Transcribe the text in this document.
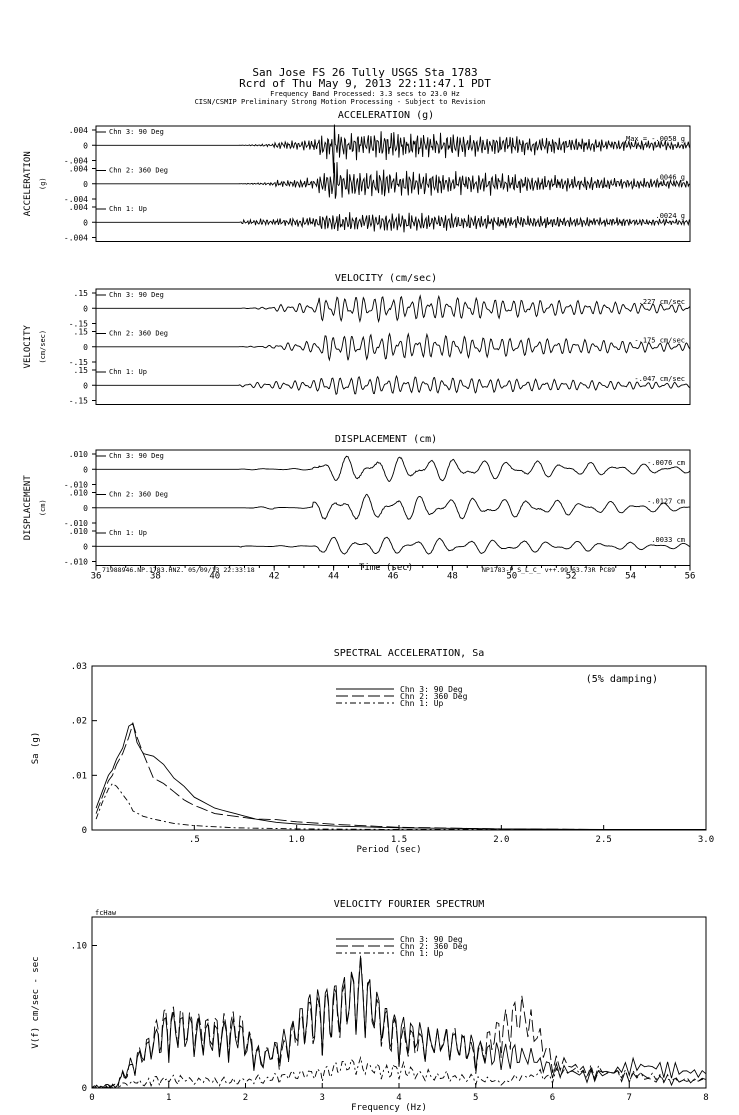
San Jose FS 26 Tully USGS Sta 1783
Rcrd of Thu May 9, 2013 22:11:47.1 PDT
Frequency Band Processed: 3.3 secs to 23.0 Hz
CISN/CSMIP Preliminary Strong Motion Processing - Subject to Revision
ACCELERATION (g)
ACCELERATION (g)
.004
0
-.004
Chn 3: 90 Deg
Max = -.0058 g
.004
0
-.004
Chn 2: 360 Deg
.0046 g
.004
0
-.004
Chn 1: Up
.0024 g
VELOCITY (cm/sec)
VELOCITY (cm/sec)
.15
0
-.15
Chn 3: 90 Deg
.227 cm/sec
.15
0
-.15
Chn 2: 360 Deg
-.175 cm/sec
.15
0
-.15
Chn 1: Up
-.047 cm/sec
DISPLACEMENT (cm)
DISPLACEMENT (cm)
.010
0
-.010
Chn 3: 90 Deg
-.0076 cm
.010
0
-.010
Chn 2: 360 Deg
-.0127 cm
.010
0
-.010
Chn 1: Up
.0033 cm
36	38	40	42	44	46	48	50	52	54	56
Time (sec)
71988946.NP.1783.HNZ. 05/09/13 22:33:18	NP1783-P S_L_C_ v++.99.63.73R PC89
SPECTRAL ACCELERATION, Sa
Sa (g)
Period (sec)
.5	1.0	1.5	2.0	2.5	3.0
.03
.02
.01
0
Chn 3: 90 Deg
Chn 2: 360 Deg
Chn 1: Up
(5% damping)
VELOCITY FOURIER SPECTRUM
V(f) cm/sec - sec
Frequency (Hz)
0	1	2	3	4	5	6	7	8
.10
0
Chn 3: 90 Deg
Chn 2: 360 Deg
Chn 1: Up
fcHaw
